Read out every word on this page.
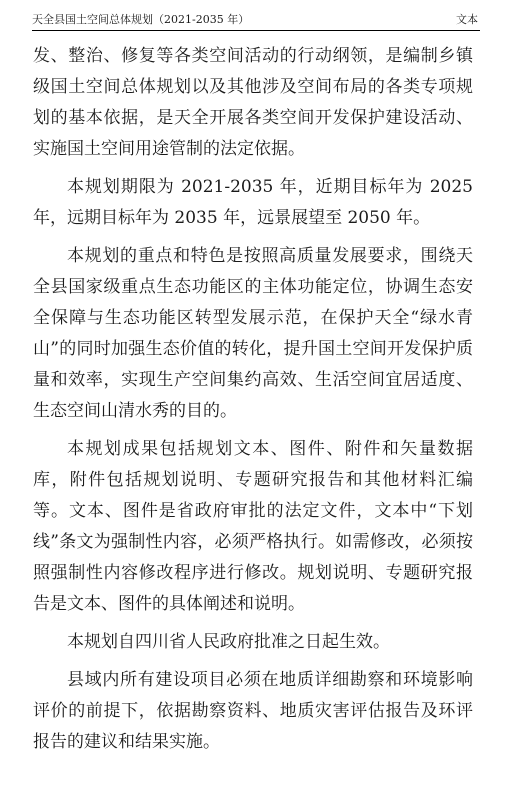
天全县国土空间总体规划（2021-2035 年）	文本

发、整治、修复等各类空间活动的行动纲领，是编制乡镇级国土空间总体规划以及其他涉及空间布局的各类专项规划的基本依据，是天全开展各类空间开发保护建设活动、实施国土空间用途管制的法定依据。

本规划期限为 2021-2035 年，近期目标年为 2025 年，远期目标年为 2035 年，远景展望至 2050 年。

本规划的重点和特色是按照高质量发展要求，围绕天全县国家级重点生态功能区的主体功能定位，协调生态安全保障与生态功能区转型发展示范，在保护天全“绿水青山”的同时加强生态价值的转化，提升国土空间开发保护质量和效率，实现生产空间集约高效、生活空间宜居适度、生态空间山清水秀的目的。

本规划成果包括规划文本、图件、附件和矢量数据库，附件包括规划说明、专题研究报告和其他材料汇编等。文本、图件是省政府审批的法定文件，文本中“下划线”条文为强制性内容，必须严格执行。如需修改，必须按照强制性内容修改程序进行修改。规划说明、专题研究报告是文本、图件的具体阐述和说明。

本规划自四川省人民政府批准之日起生效。

县域内所有建设项目必须在地质详细勘察和环境影响评价的前提下，依据勘察资料、地质灾害评估报告及环评报告的建议和结果实施。
